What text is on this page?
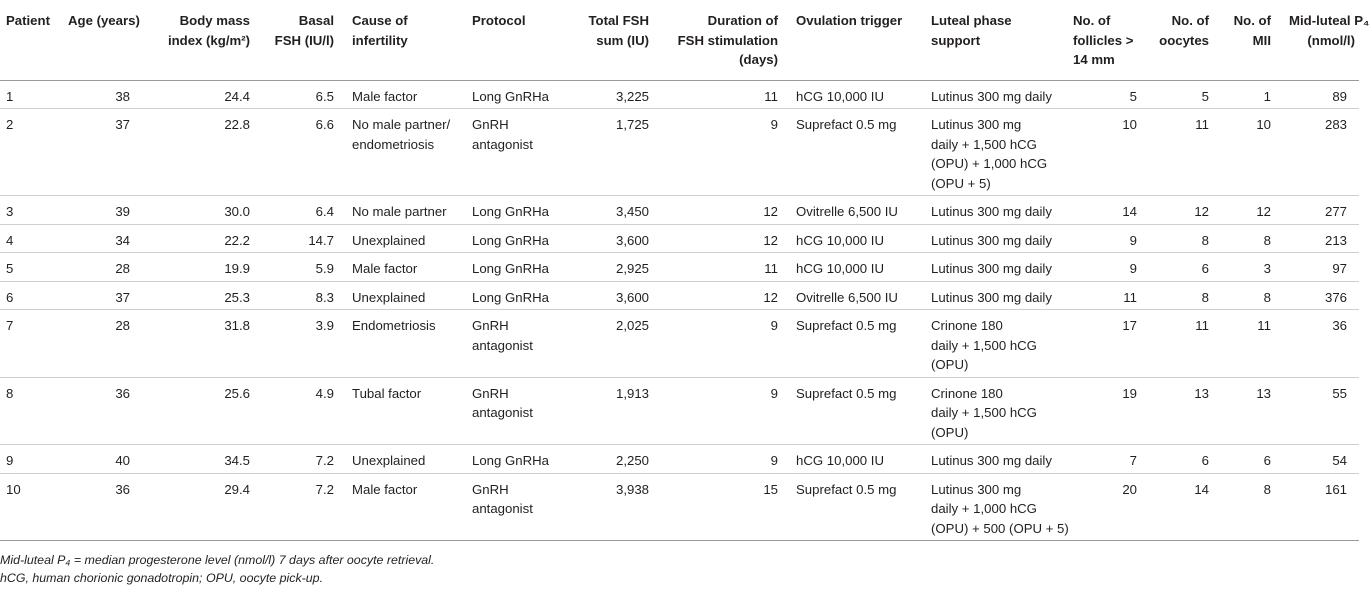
Patient	Age (years)	Body mass
index (kg/m²)	Basal
FSH (IU/l)	Cause of
infertility	Protocol	Total FSH
sum (IU)	Duration of
FSH stimulation
(days)	Ovulation trigger	Luteal phase
support	No. of
follicles >
14 mm	No. of
oocytes	No. of
MII	Mid-luteal P₄
(nmol/l)

1	38	24.4	6.5	Male factor	Long GnRHa	3,225	11	hCG 10,000 IU	Lutinus 300 mg daily	5	5	1	89

2	37	22.8	6.6	No male partner/
endometriosis	GnRH
antagonist	1,725	9	Suprefact 0.5 mg	Lutinus 300 mg
daily + 1,500 hCG
(OPU) + 1,000 hCG
(OPU + 5)	10	11	10	283

3	39	30.0	6.4	No male partner	Long GnRHa	3,450	12	Ovitrelle 6,500 IU	Lutinus 300 mg daily	14	12	12	277

4	34	22.2	14.7	Unexplained	Long GnRHa	3,600	12	hCG 10,000 IU	Lutinus 300 mg daily	9	8	8	213

5	28	19.9	5.9	Male factor	Long GnRHa	2,925	11	hCG 10,000 IU	Lutinus 300 mg daily	9	6	3	97

6	37	25.3	8.3	Unexplained	Long GnRHa	3,600	12	Ovitrelle 6,500 IU	Lutinus 300 mg daily	11	8	8	376

7	28	31.8	3.9	Endometriosis	GnRH
antagonist	2,025	9	Suprefact 0.5 mg	Crinone 180
daily + 1,500 hCG
(OPU)	17	11	11	36

8	36	25.6	4.9	Tubal factor	GnRH
antagonist	1,913	9	Suprefact 0.5 mg	Crinone 180
daily + 1,500 hCG
(OPU)	19	13	13	55

9	40	34.5	7.2	Unexplained	Long GnRHa	2,250	9	hCG 10,000 IU	Lutinus 300 mg daily	7	6	6	54

10	36	29.4	7.2	Male factor	GnRH
antagonist	3,938	15	Suprefact 0.5 mg	Lutinus 300 mg
daily + 1,000 hCG
(OPU) + 500 (OPU + 5)	20	14	8	161
Mid-luteal P₄ = median progesterone level (nmol/l) 7 days after oocyte retrieval.
hCG, human chorionic gonadotropin; OPU, oocyte pick-up.
